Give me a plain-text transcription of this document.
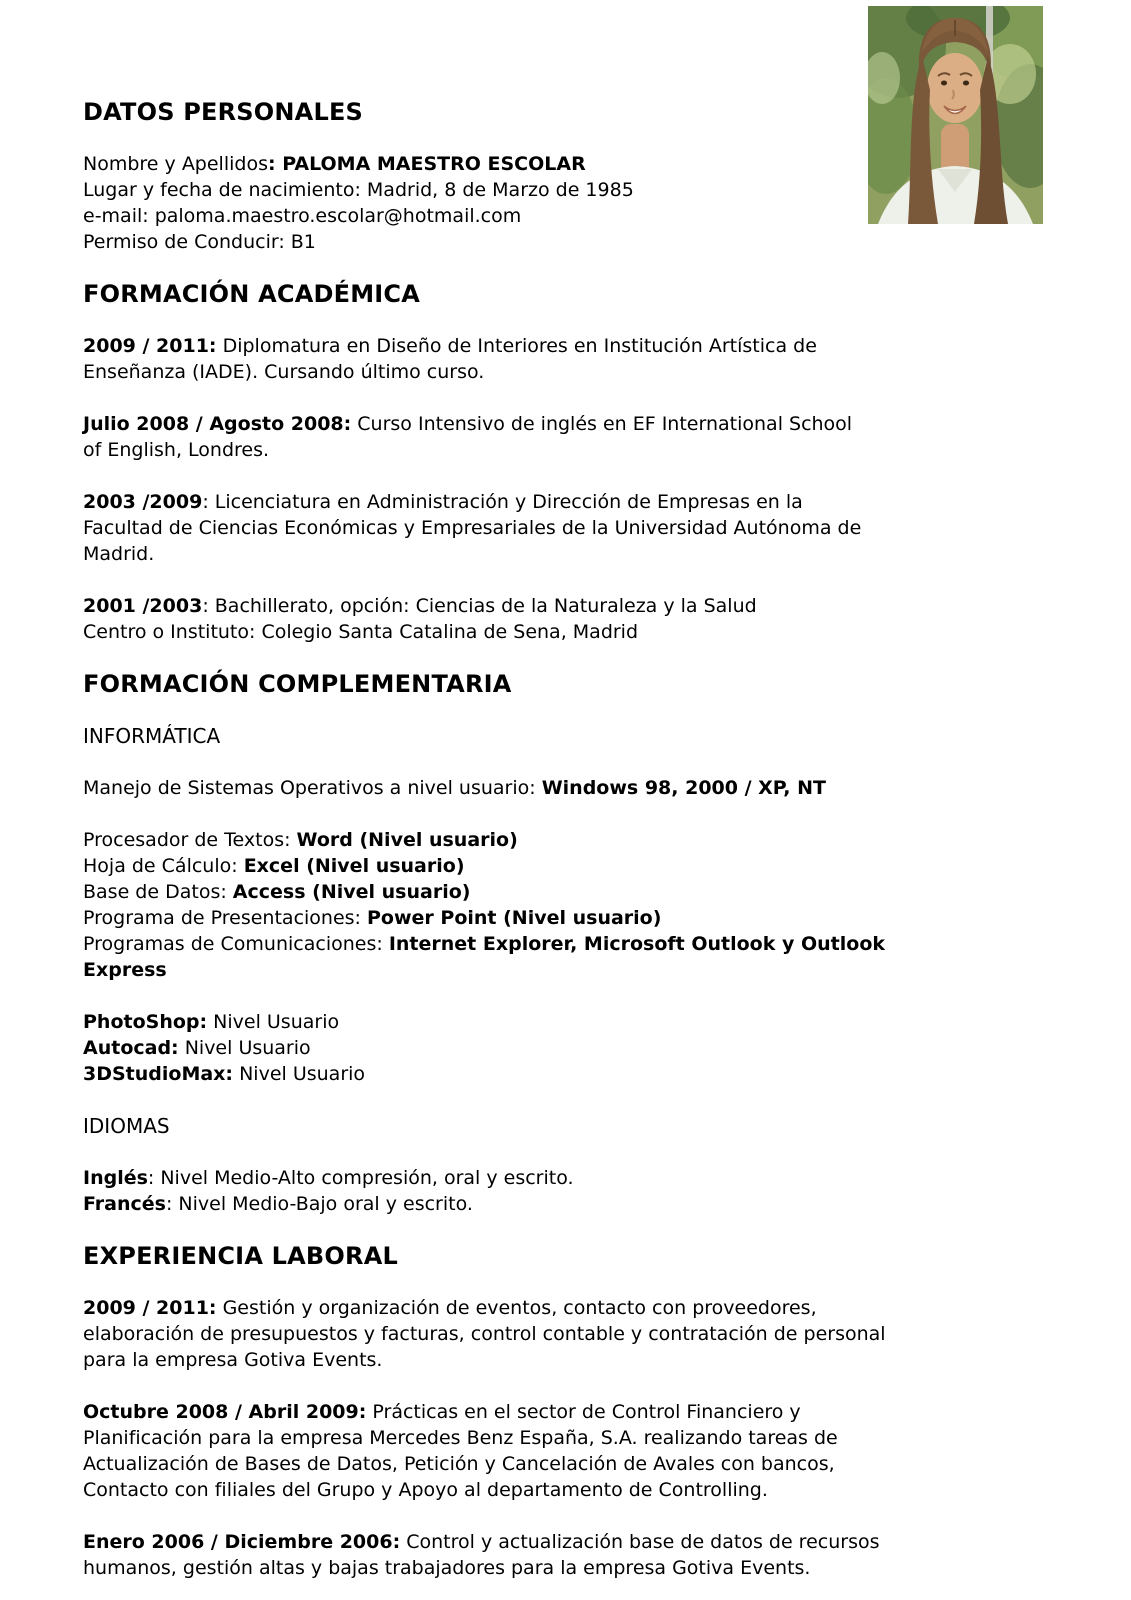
DATOS PERSONALES
Nombre y Apellidos: PALOMA MAESTRO ESCOLAR
Lugar y fecha de nacimiento: Madrid, 8 de Marzo de 1985
e-mail: paloma.maestro.escolar@hotmail.com
Permiso de Conducir: B1
FORMACIÓN ACADÉMICA
2009 / 2011: Diplomatura en Diseño de Interiores en Institución Artística de
Enseñanza (IADE). Cursando último curso.
Julio 2008 / Agosto 2008: Curso Intensivo de inglés en EF International School
of English, Londres.
2003 /2009: Licenciatura en Administración y Dirección de Empresas en la
Facultad de Ciencias Económicas y Empresariales de la Universidad Autónoma de
Madrid.
2001 /2003: Bachillerato, opción: Ciencias de la Naturaleza y la Salud
Centro o Instituto: Colegio Santa Catalina de Sena, Madrid
FORMACIÓN COMPLEMENTARIA
INFORMÁTICA
Manejo de Sistemas Operativos a nivel usuario: Windows 98, 2000 / XP, NT
Procesador de Textos: Word (Nivel usuario)
Hoja de Cálculo: Excel (Nivel usuario)
Base de Datos: Access (Nivel usuario)
Programa de Presentaciones: Power Point (Nivel usuario)
Programas de Comunicaciones: Internet Explorer, Microsoft Outlook y Outlook
Express
PhotoShop: Nivel Usuario
Autocad: Nivel Usuario
3DStudioMax: Nivel Usuario
IDIOMAS
Inglés: Nivel Medio-Alto compresión, oral y escrito.
Francés: Nivel Medio-Bajo oral y escrito.
EXPERIENCIA LABORAL
2009 / 2011: Gestión y organización de eventos, contacto con proveedores,
elaboración de presupuestos y facturas, control contable y contratación de personal
para la empresa Gotiva Events.
Octubre 2008 / Abril 2009: Prácticas en el sector de Control Financiero y
Planificación para la empresa Mercedes Benz España, S.A. realizando tareas de
Actualización de Bases de Datos, Petición y Cancelación de Avales con bancos,
Contacto con filiales del Grupo y Apoyo al departamento de Controlling.
Enero 2006 / Diciembre 2006: Control y actualización base de datos de recursos
humanos, gestión altas y bajas trabajadores para la empresa Gotiva Events.
